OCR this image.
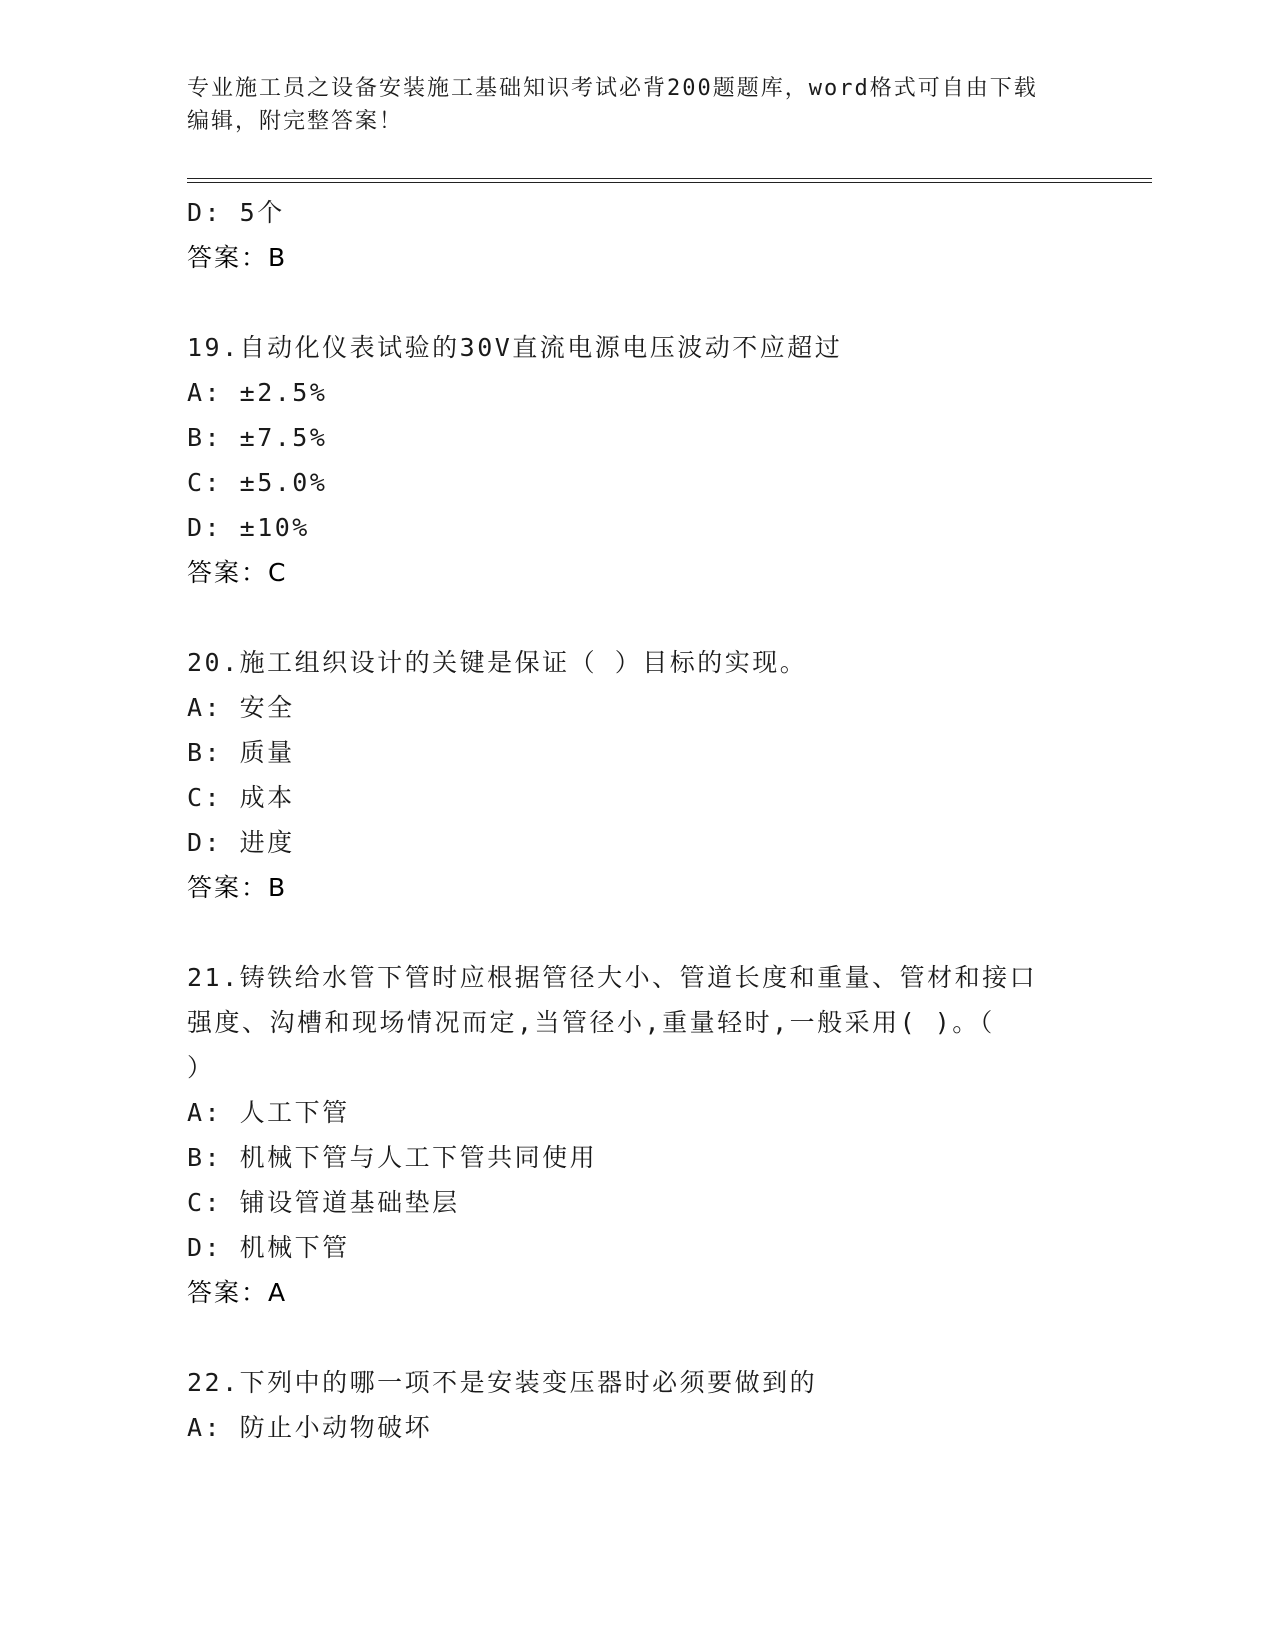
专业施工员之设备安装施工基础知识考试必背200题题库，word格式可自由下载
编辑，附完整答案！
D: 5个
答案：B
19.自动化仪表试验的30V直流电源电压波动不应超过
A: ±2.5%
B: ±7.5%
C: ±5.0%
D: ±10%
答案：C
20.施工组织设计的关键是保证（ ）目标的实现。
A: 安全
B: 质量
C: 成本
D: 进度
答案：B
21.铸铁给水管下管时应根据管径大小、管道长度和重量、管材和接口
强度、沟槽和现场情况而定,当管径小,重量轻时,一般采用( )。（
）
A: 人工下管
B: 机械下管与人工下管共同使用
C: 铺设管道基础垫层
D: 机械下管
答案：A
22.下列中的哪一项不是安装变压器时必须要做到的
A: 防止小动物破坏
